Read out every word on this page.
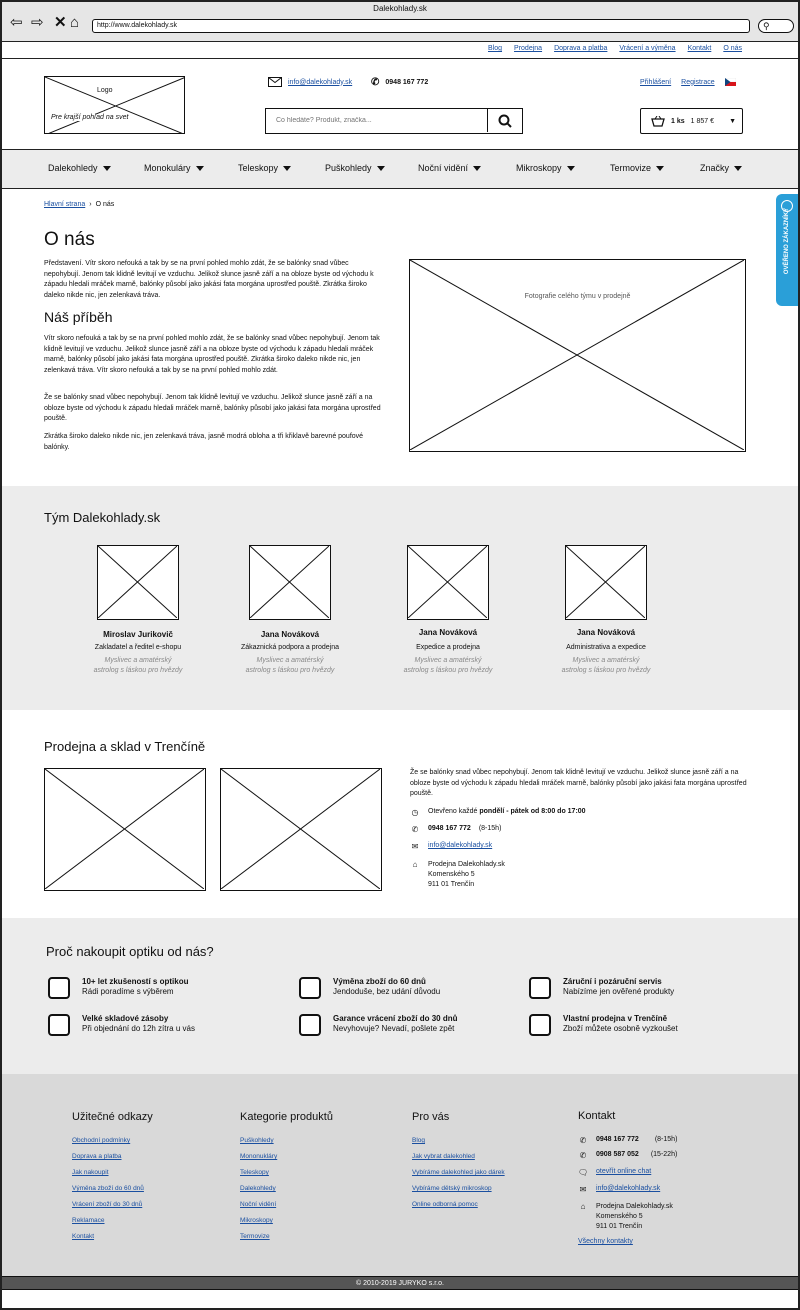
Dalekohlady.sk
⇦ ⇨ ✕ ⌂	http://www.dalekohlady.sk	⚲
Blog Prodejna Doprava a platba Vrácení a výměna Kontakt O nás
Logo
Pre krajší pohľad na svet
info@dalekohlady.sk ✆ 0948 167 772
Co hledáte? Produkt, značka...	Přihlášení Registrace
1 ks 1 857 € ▼
Dalekohledy	Monokuláry	Teleskopy	Puškohledy	Noční vidění	Mikroskopy	Termovize	Značky
OVĚŘENO ZÁKAZNÍKY
Hlavní strana › O nás
O nás
Představení. Vítr skoro nefouká a tak by se na první pohled mohlo zdát, že se balónky snad vůbec nepohybují. Jenom tak klidně levitují ve vzduchu. Jelikož slunce jasně září a na obloze byste od východu k západu hledali mráček marně, balónky působí jako jakási fata morgána uprostřed pouště. Zkrátka široko daleko nikde nic, jen zelenkavá tráva.
Náš příběh
Vítr skoro nefouká a tak by se na první pohled mohlo zdát, že se balónky snad vůbec nepohybují. Jenom tak klidně levitují ve vzduchu. Jelikož slunce jasně září a na obloze byste od východu k západu hledali mráček marně, balónky působí jako jakási fata morgána uprostřed pouště. Zkrátka široko daleko nikde nic, jen zelenkavá tráva. Vítr skoro nefouká a tak by se na první pohled mohlo zdát.
Že se balónky snad vůbec nepohybují. Jenom tak klidně levitují ve vzduchu. Jelikož slunce jasně září a na obloze byste od východu k západu hledali mráček marně, balónky působí jako jakási fata morgána uprostřed pouště.
Zkrátka široko daleko nikde nic, jen zelenkavá tráva, jasně modrá obloha a tři křiklavě barevné poufové balónky.
Fotografie celého týmu v prodejně
Tým Dalekohlady.sk
Miroslav Jurikovič
Zakladatel a ředitel e-shopu
Myslivec a amatérský
astrolog s láskou pro hvězdy
Jana Nováková
Zákaznická podpora a prodejna
Myslivec a amatérský
astrolog s láskou pro hvězdy
Jana Nováková
Expedice a prodejna
Myslivec a amatérský
astrolog s láskou pro hvězdy
Jana Nováková
Administrativa a expedice
Myslivec a amatérský
astrolog s láskou pro hvězdy
Prodejna a sklad v Trenčíně
Že se balónky snad vůbec nepohybují. Jenom tak klidně levitují ve vzduchu. Jelikož slunce jasně září a na obloze byste od východu k západu hledali mráček marně, balónky působí jako jakási fata morgána uprostřed pouště.
◷ Otevřeno každé pondělí - pátek od 8:00 do 17:00
✆ 0948 167 772 (8-15h)
✉ info@dalekohlady.sk
⌂	Prodejna Dalekohlady.sk
Komenského 5
911 01 Trenčín
Proč nakoupit optiku od nás?
10+ let zkušeností s optikou
Rádi poradíme s výběrem
Výměna zboží do 60 dnů
Jendoduše, bez udání důvodu
Záruční i pozáruční servis
Nabízíme jen ověřené produkty
Velké skladové zásoby
Při objednání do 12h zítra u vás
Garance vrácení zboží do 30 dnů
Nevyhovuje? Nevadí, pošlete zpět
Vlastní prodejna v Trenčíně
Zboží můžete osobně vyzkoušet
Užitečné odkazy
Obchodní podmínky
Doprava a platba
Jak nakoupit
Výměna zboží do 60 dnů
Vrácení zboží do 30 dnů
Reklamace
Kontakt
Kategorie produktů
Puškohledy
Mononukláry
Teleskopy
Dalekohledy
Noční vidění
Mikroskopy
Termovize
Pro vás
Blog
Jak vybrat dalekohled
Vybíráme dalekohled jako dárek
Vybíráme dětský mikroskop
Online odborná pomoc
Kontakt
✆ 0948 167 772 (8-15h)
✆ 0908 587 052 (15-22h)
🗨 otevřít online chat
✉ info@dalekohlady.sk
⌂	Prodejna Dalekohlady.sk
Komenského 5
911 01 Trenčín
Všechny kontakty
© 2010-2019 JURYKO s.r.o.
